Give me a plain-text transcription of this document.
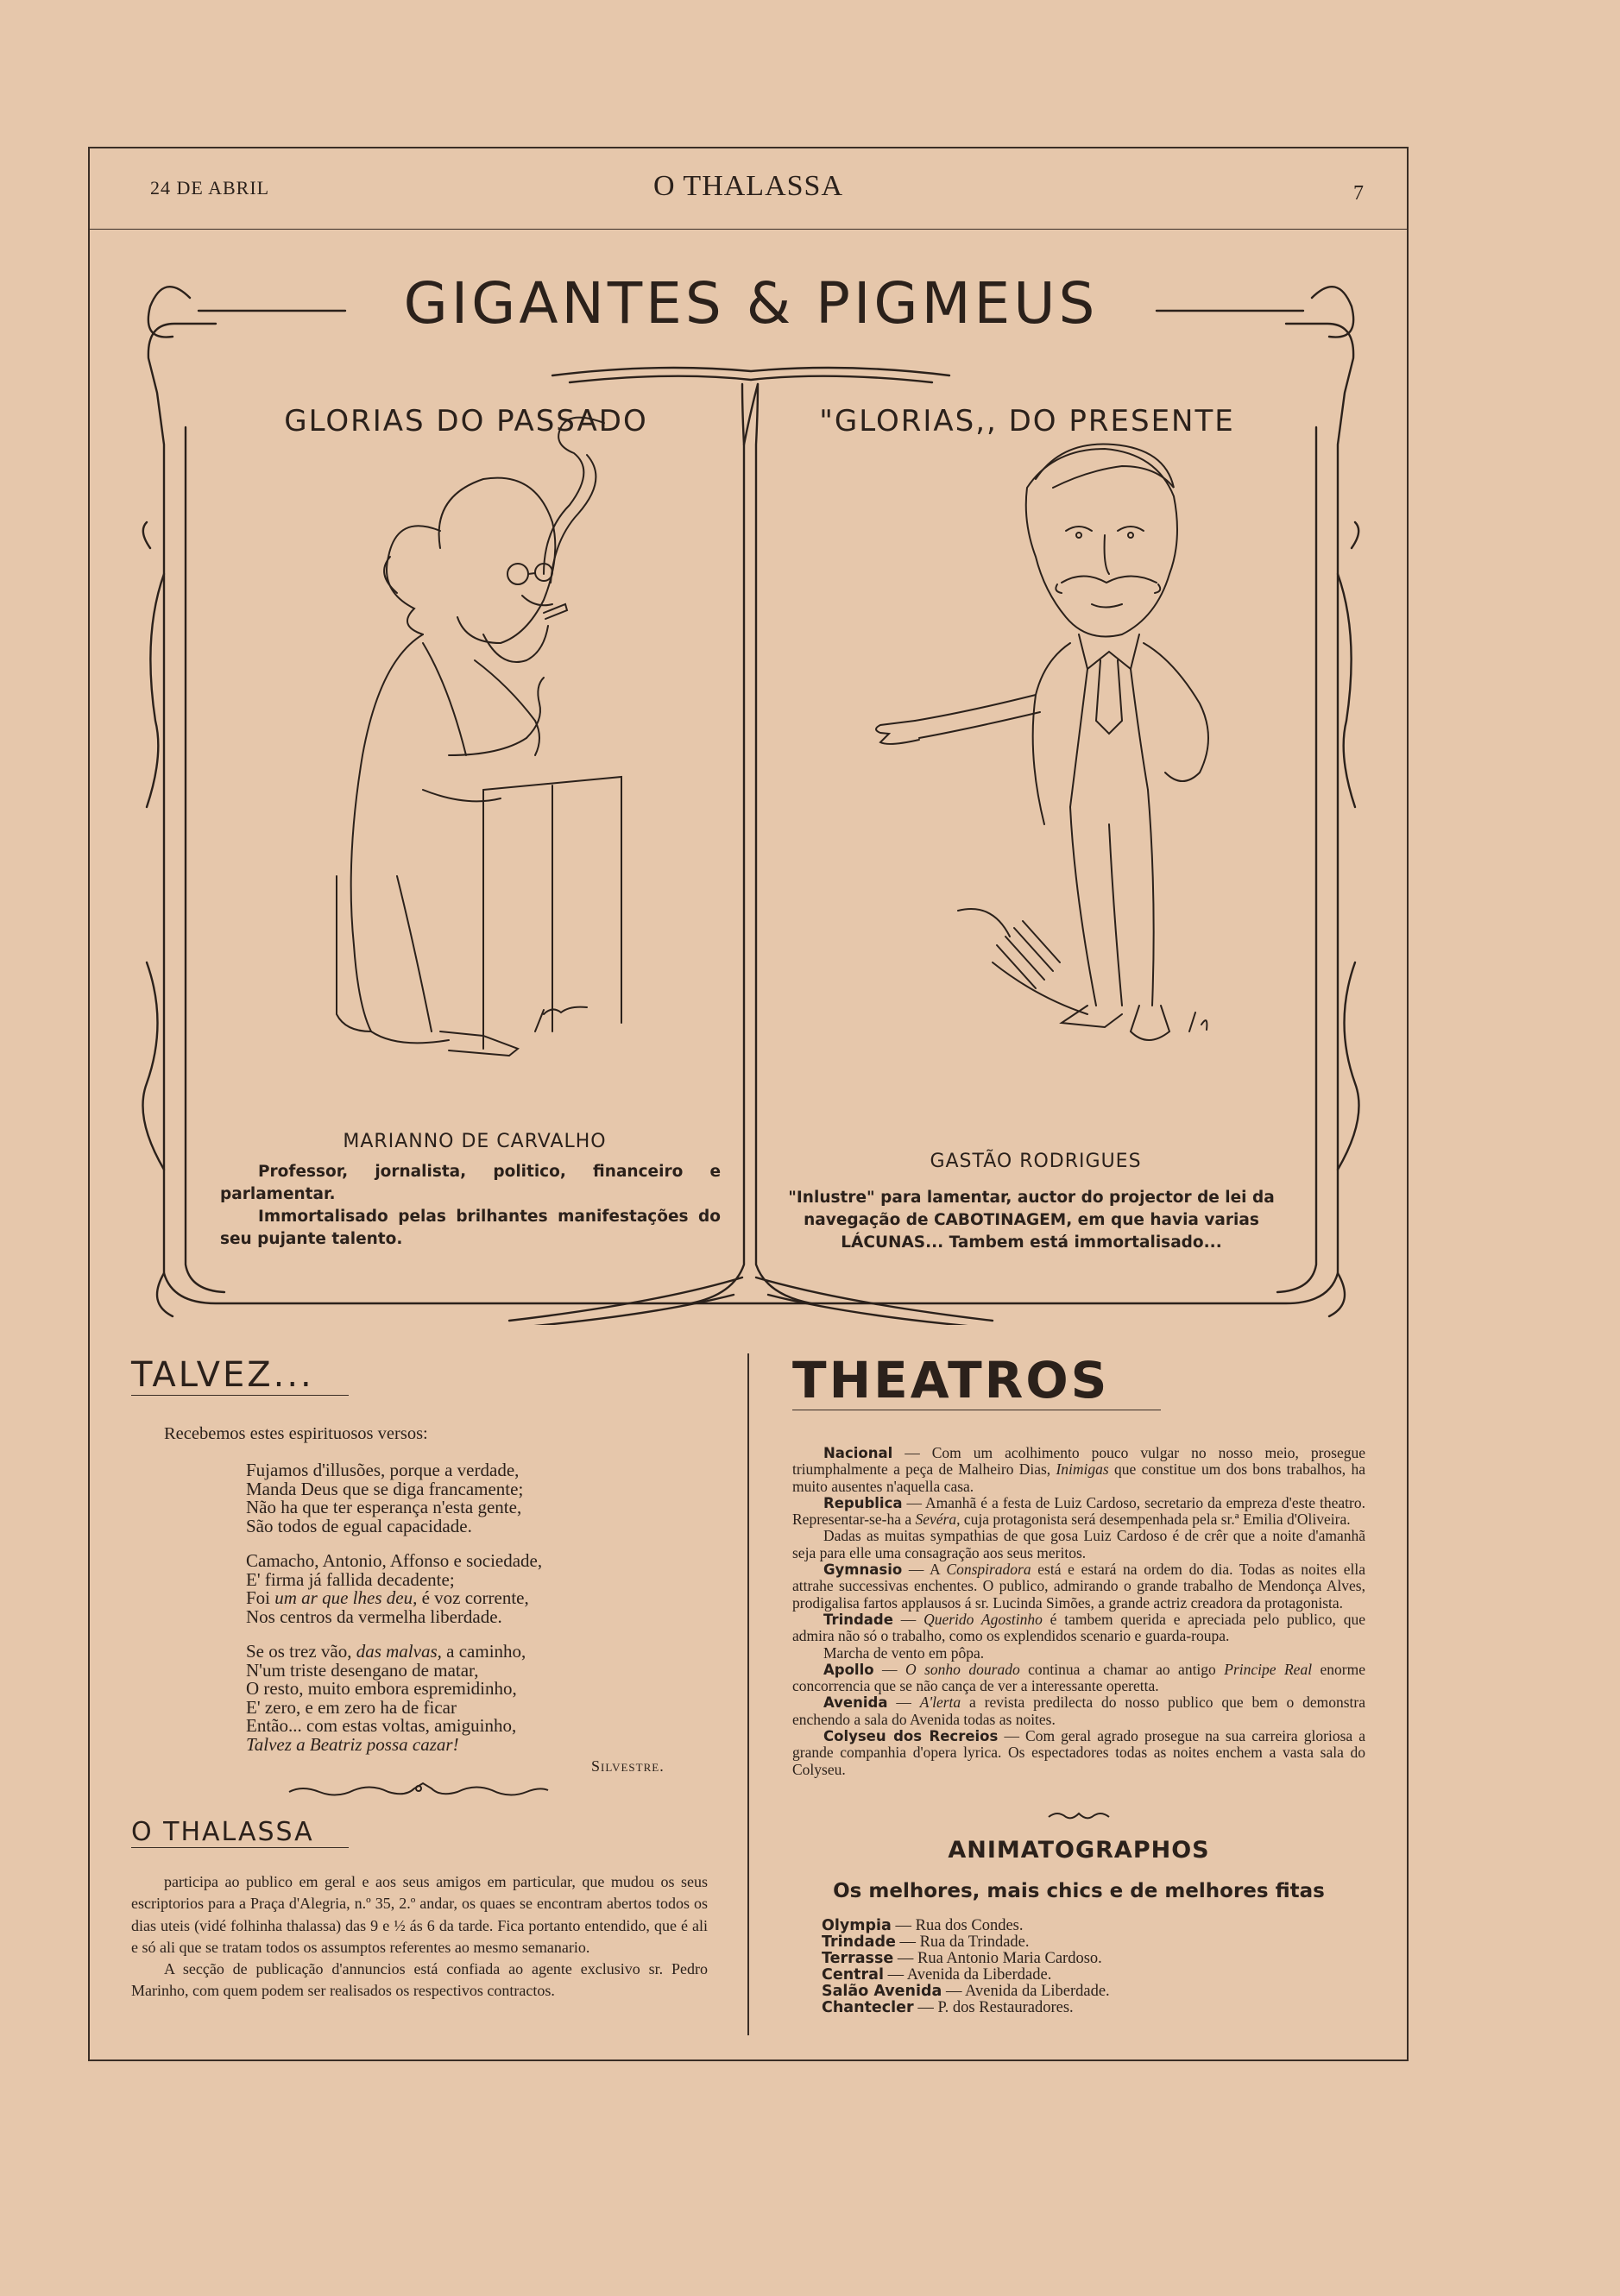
24 DE ABRIL	O THALASSA	7
GIGANTES & PIGMEUS
GLORIAS DO PASSADO	"GLORIAS,, DO PRESENTE
MARIANNO DE CARVALHO

Professor, jornalista, politico, financeiro e parlamentar.

Immortalisado pelas brilhantes manifestações do seu pujante talento.

GASTÃO RODRIGUES

"Inlustre" para lamentar, auctor do projector de lei da navegação de CABOTINAGEM, em que havia varias LÁCUNAS... Tambem está immortalisado...

TALVEZ...
Recebemos estes espirituosos versos:
Fujamos d'illusões, porque a verdade,
Manda Deus que se diga francamente;
Não ha que ter esperança n'esta gente,
São todos de egual capacidade.
Camacho, Antonio, Affonso e sociedade,
E' firma já fallida decadente;
Foi um ar que lhes deu, é voz corrente,
Nos centros da vermelha liberdade.
Se os trez vão, das malvas, a caminho,
N'um triste desengano de matar,
O resto, muito embora espremidinho,
E' zero, e em zero ha de ficar
Então... com estas voltas, amiguinho,
Talvez a Beatriz possa cazar!
Silvestre.
O THALASSA

participa ao publico em geral e aos seus amigos em particular, que mudou os seus escriptorios para a Praça d'Alegria, n.º 35, 2.º andar, os quaes se encontram abertos todos os dias uteis (vidé folhinha thalassa) das 9 e ½ ás 6 da tarde. Fica portanto entendido, que é ali e só ali que se tratam todos os assumptos referentes ao mesmo semanario.

A secção de publicação d'annuncios está confiada ao agente exclusivo sr. Pedro Marinho, com quem podem ser realisados os respectivos contractos.

THEATROS

Nacional — Com um acolhimento pouco vulgar no nosso meio, prosegue triumphalmente a peça de Malheiro Dias, Inimigas que constitue um dos bons trabalhos, ha muito ausentes n'aquella casa.

Republica — Amanhã é a festa de Luiz Cardoso, secretario da empreza d'este theatro. Representar-se-ha a Sevéra, cuja protagonista será desempenhada pela sr.ª Emilia d'Oliveira.

Dadas as muitas sympathias de que gosa Luiz Cardoso é de crêr que a noite d'amanhã seja para elle uma consagração aos seus meritos.

Gymnasio — A Conspiradora está e estará na ordem do dia. Todas as noites ella attrahe successivas enchentes. O publico, admirando o grande trabalho de Mendonça Alves, prodigalisa fartos applausos á sr. Lucinda Simões, a grande actriz creadora da protagonista.

Trindade — Querido Agostinho é tambem querida e apreciada pelo publico, que admira não só o trabalho, como os explendidos scenario e guarda-roupa.

Marcha de vento em pôpa.

Apollo — O sonho dourado continua a chamar ao antigo Principe Real enorme concorrencia que se não cança de ver a interessante operetta.

Avenida — A'lerta a revista predilecta do nosso publico que bem o demonstra enchendo a sala do Avenida todas as noites.

Colyseu dos Recreios — Com geral agrado prosegue na sua carreira gloriosa a grande companhia d'opera lyrica. Os espectadores todas as noites enchem a vasta sala do Colyseu.

ANIMATOGRAPHOS
Os melhores, mais chics e de melhores fitas
Olympia — Rua dos Condes.
Trindade — Rua da Trindade.
Terrasse — Rua Antonio Maria Cardoso.
Central — Avenida da Liberdade.
Salão Avenida — Avenida da Liberdade.
Chantecler — P. dos Restauradores.
